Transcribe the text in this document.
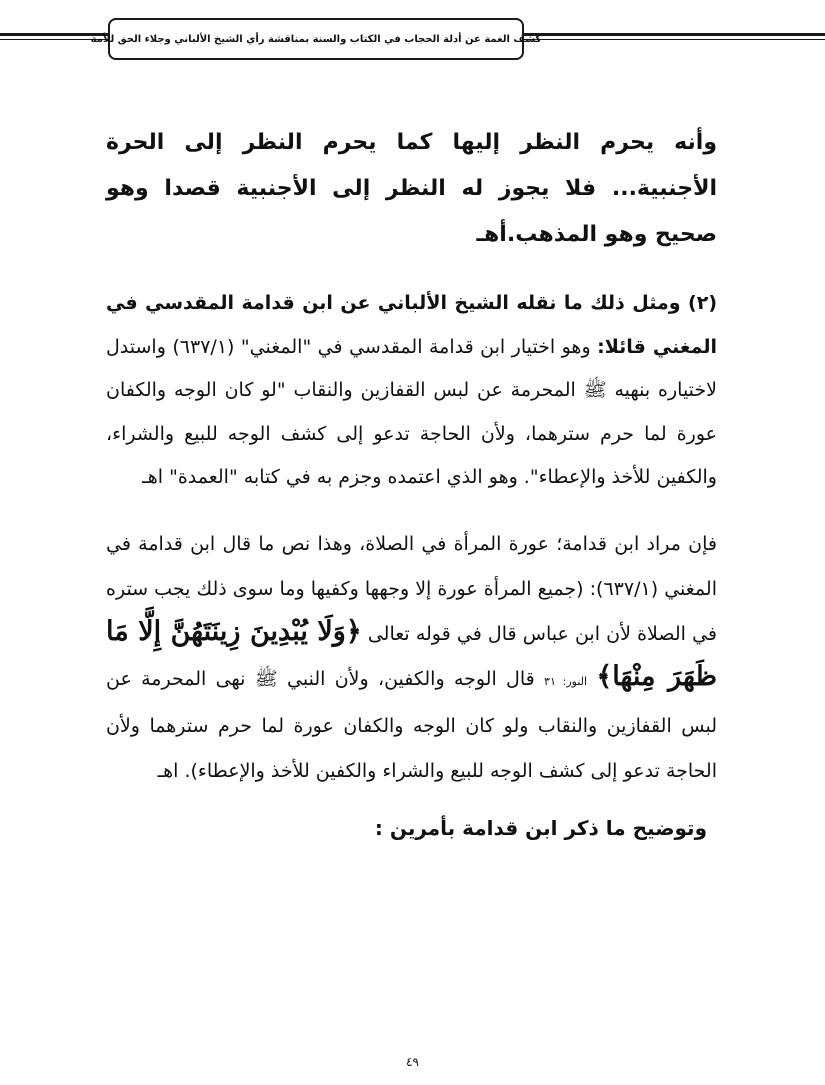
كشف الغمة عن أدلة الحجاب في الكتاب والسنة بمناقشة رأي الشيخ الألباني وجلاء الحق للأمة

وأنه يحرم النظر إليها كما يحرم النظر إلى الحرة الأجنبية... فلا يجوز له النظر إلى الأجنبية قصدا وهو صحيح وهو المذهب.أهـ

(٢) ومثل ذلك ما نقله الشيخ الألباني عن ابن قدامة المقدسي في المغني قائلا: وهو اختيار ابن قدامة المقدسي في "المغني" (٦٣٧/١) واستدل لاختياره بنهيه ﷺ المحرمة عن لبس القفازين والنقاب "لو كان الوجه والكفان عورة لما حرم سترهما، ولأن الحاجة تدعو إلى كشف الوجه للبيع والشراء، والكفين للأخذ والإعطاء". وهو الذي اعتمده وجزم به في كتابه "العمدة" اهـ

فإن مراد ابن قدامة؛ عورة المرأة في الصلاة، وهذا نص ما قال ابن قدامة في المغني (٦٣٧/١): (جميع المرأة عورة إلا وجهها وكفيها وما سوى ذلك يجب ستره في الصلاة لأن ابن عباس قال في قوله تعالى ﴿وَلَا يُبْدِينَ زِينَتَهُنَّ إِلَّا مَا ظَهَرَ مِنْهَا﴾ النور: ٣١ قال الوجه والكفين، ولأن النبي ﷺ نهى المحرمة عن لبس القفازين والنقاب ولو كان الوجه والكفان عورة لما حرم سترهما ولأن الحاجة تدعو إلى كشف الوجه للبيع والشراء والكفين للأخذ والإعطاء). اهـ

وتوضيح ما ذكر ابن قدامة بأمرين :

٤٩
